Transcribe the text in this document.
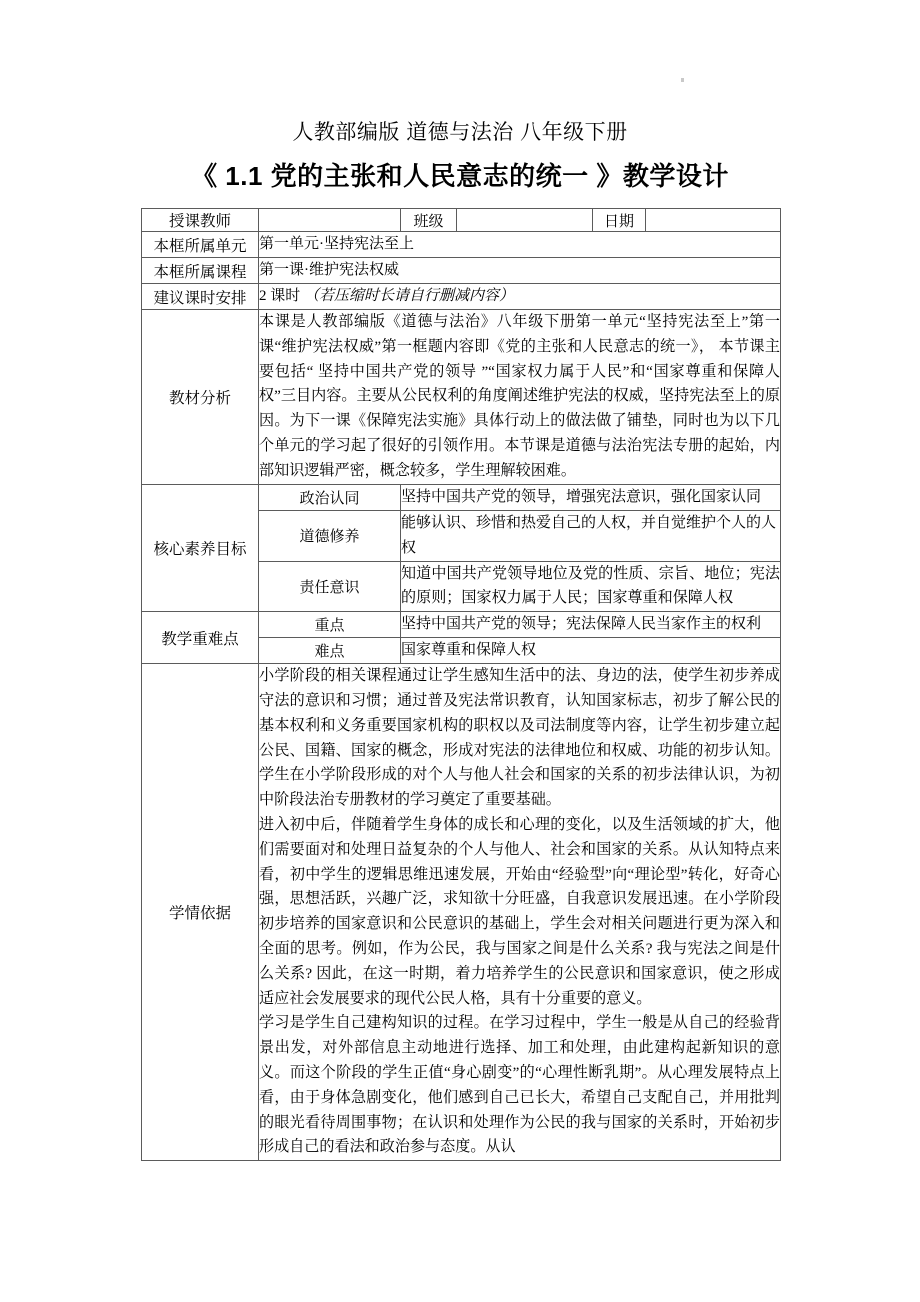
人教部编版 道德与法治 八年级下册
《 1.1 党的主张和人民意志的统一 》教学设计
授课教师		班级		日期	
本框所属单元	第一单元·坚持宪法至上				
本框所属课程	第一课·维护宪法权威				
建议课时安排	2 课时 （若压缩时长请自行删减内容）				
教材分析	本课是人教部编版《道德与法治》八年级下册第一单元“坚持宪法至上”第一课“维护宪法权威”第一框题内容即《党的主张和人民意志的统一》， 本节课主要包括“ 坚持中国共产党的领导 ”“国家权力属于人民”和“国家尊重和保障人权”三目内容。主要从公民权利的角度阐述维护宪法的权威，坚持宪法至上的原因。为下一课《保障宪法实施》具体行动上的做法做了铺垫，同时也为以下几个单元的学习起了很好的引领作用。本节课是道德与法治宪法专册的起始，内部知识逻辑严密，概念较多，学生理解较困难。				

核心素养目标	政治认同	坚持中国共产党的领导，增强宪法意识，强化国家认同			
	道德修养	能够认识、珍惜和热爱自己的人权，并自觉维护个人的人权			
	责任意识	知道中国共产党领导地位及党的性质、宗旨、地位；宪法的原则；国家权力属于人民；国家尊重和保障人权			

教学重难点	重点	坚持中国共产党的领导；宪法保障人民当家作主的权利			
	难点	国家尊重和保障人权			
学情依据	小学阶段的相关课程通过让学生感知生活中的法、身边的法，使学生初步养成守法的意识和习惯；通过普及宪法常识教育，认知国家标志，初步了解公民的基本权利和义务重要国家机构的职权以及司法制度等内容，让学生初步建立起公民、国籍、国家的概念，形成对宪法的法律地位和权威、功能的初步认知。学生在小学阶段形成的对个人与他人社会和国家的关系的初步法律认识，为初中阶段法治专册教材的学习奠定了重要基础。

进入初中后，伴随着学生身体的成长和心理的变化，以及生活领域的扩大，他们需要面对和处理日益复杂的个人与他人、社会和国家的关系。从认知特点来看，初中学生的逻辑思维迅速发展，开始由“经验型”向“理论型”转化，好奇心强，思想活跃，兴趣广泛，求知欲十分旺盛，自我意识发展迅速。在小学阶段初步培养的国家意识和公民意识的基础上，学生会对相关问题进行更为深入和全面的思考。例如，作为公民，我与国家之间是什么关系? 我与宪法之间是什么关系? 因此，在这一时期，着力培养学生的公民意识和国家意识，使之形成适应社会发展要求的现代公民人格，具有十分重要的意义。

学习是学生自己建构知识的过程。在学习过程中，学生一般是从自己的经验背景出发，对外部信息主动地进行选择、加工和处理，由此建构起新知识的意义。而这个阶段的学生正值“身心剧变”的“心理性断乳期”。从心理发展特点上看，由于身体急剧变化，他们感到自己已长大，希望自己支配自己，并用批判的眼光看待周围事物；在认识和处理作为公民的我与国家的关系时，开始初步形成自己的看法和政治参与态度。从认				
